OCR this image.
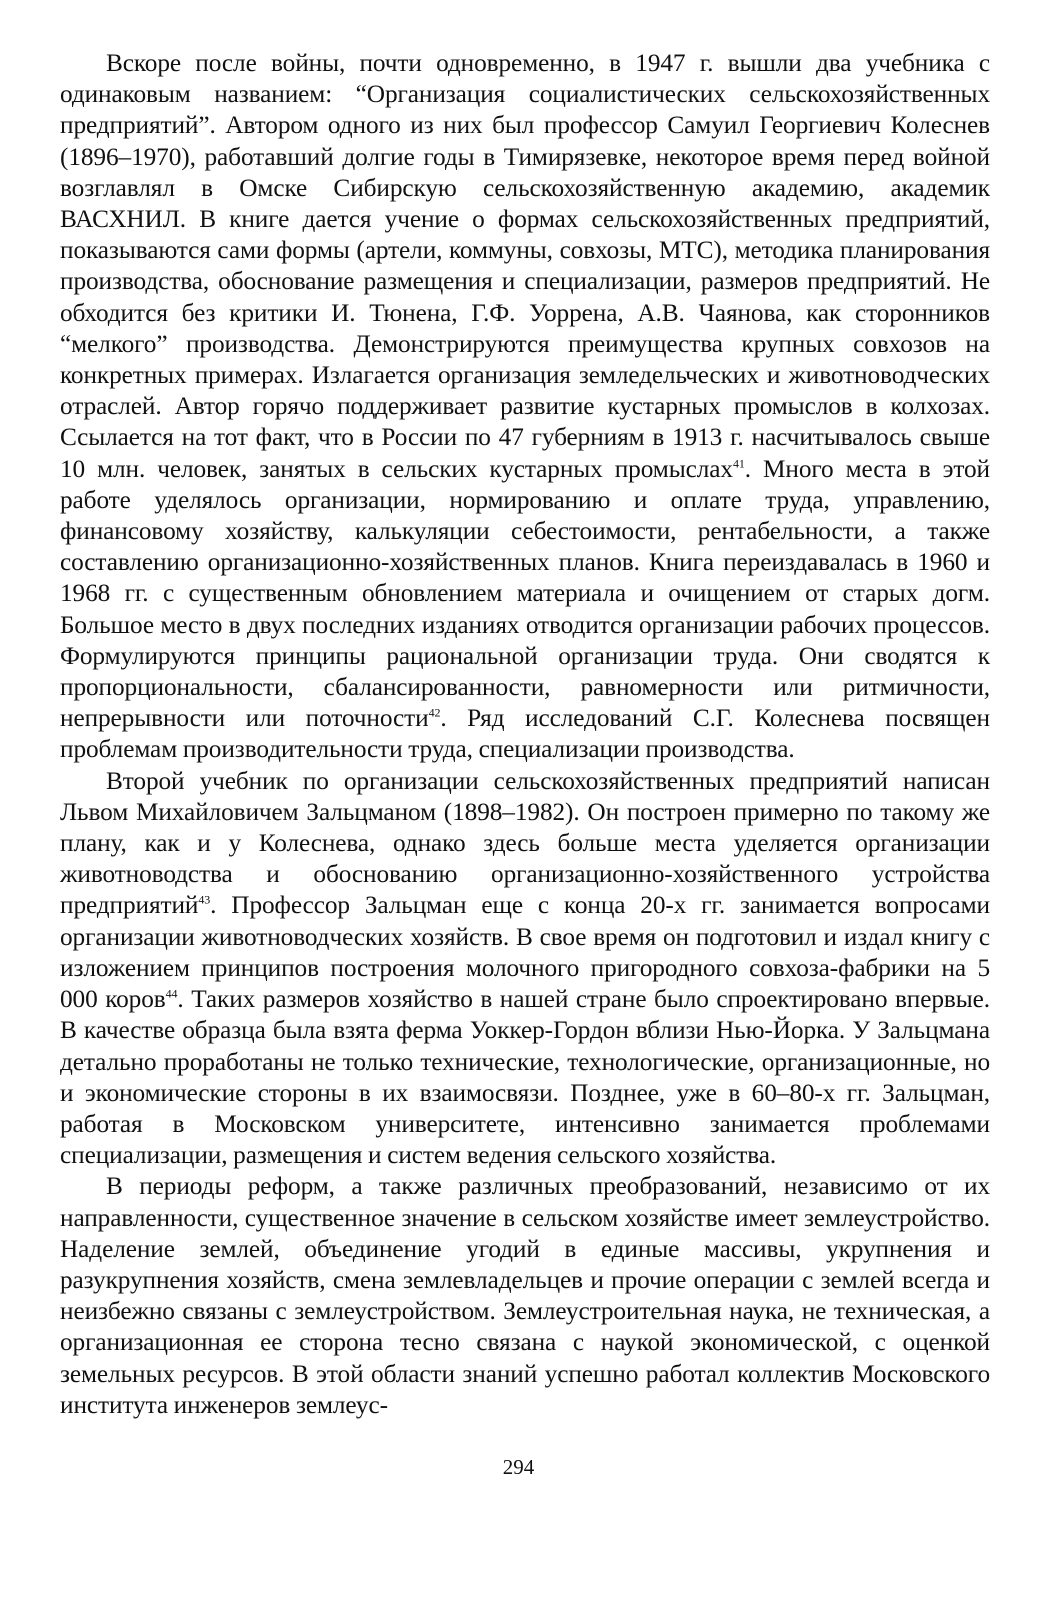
Вскоре после войны, почти одновременно, в 1947 г. вышли два учебника с одинаковым названием: “Организация социалистических сельскохозяйственных предприятий”. Автором одного из них был профессор Самуил Георгиевич Колеснев (1896–1970), работавший долгие годы в Тимирязевке, некоторое время перед войной возглавлял в Омске Сибирскую сельскохозяйственную академию, академик ВАСХНИЛ. В книге дается учение о формах сельскохозяйственных предприятий, показываются сами формы (артели, коммуны, совхозы, МТС), методика планирования производства, обоснование размещения и специализации, размеров предприятий. Не обходится без критики И. Тюнена, Г.Ф. Уоррена, А.В. Чаянова, как сторонников “мелкого” производства. Демонстрируются преимущества крупных совхозов на конкретных примерах. Излагается организация земледельческих и животноводческих отраслей. Автор горячо поддерживает развитие кустарных промыслов в колхозах. Ссылается на тот факт, что в России по 47 губерниям в 1913 г. насчитывалось свыше 10 млн. человек, занятых в сельских кустарных промыслах$^{41}$. Много места в этой работе уделялось организации, нормированию и оплате труда, управлению, финансовому хозяйству, калькуляции себестоимости, рентабельности, а также составлению организационно-хозяйственных планов. Книга переиздавалась в 1960 и 1968 гг. с существенным обновлением материала и очищением от старых догм. Большое место в двух последних изданиях отводится организации рабочих процессов. Формулируются принципы рациональной организации труда. Они сводятся к пропорциональности, сбалансированности, равномерности или ритмичности, непрерывности или поточности$^{42}$. Ряд исследований С.Г. Колеснева посвящен проблемам производительности труда, специализации производства.

Второй учебник по организации сельскохозяйственных предприятий написан Львом Михайловичем Зальцманом (1898–1982). Он построен примерно по такому же плану, как и у Колеснева, однако здесь больше места уделяется организации животноводства и обоснованию организационно-хозяйственного устройства предприятий$^{43}$. Профессор Зальцман еще с конца 20-х гг. занимается вопросами организации животноводческих хозяйств. В свое время он подготовил и издал книгу с изложением принципов построения молочного пригородного совхоза-фабрики на 5 000 коров$^{44}$. Таких размеров хозяйство в нашей стране было спроектировано впервые. В качестве образца была взята ферма Уоккер-Гордон вблизи Нью-Йорка. У Зальцмана детально проработаны не только технические, технологические, организационные, но и экономические стороны в их взаимосвязи. Позднее, уже в 60–80-х гг. Зальцман, работая в Московском университете, интенсивно занимается проблемами специализации, размещения и систем ведения сельского хозяйства.

В периоды реформ, а также различных преобразований, независимо от их направленности, существенное значение в сельском хозяйстве имеет землеустройство. Наделение землей, объединение угодий в единые массивы, укрупнения и разукрупнения хозяйств, смена землевладельцев и прочие операции с землей всегда и неизбежно связаны с землеустройством. Землеустроительная наука, не техническая, а организационная ее сторона тесно связана с наукой экономической, с оценкой земельных ресурсов. В этой области знаний успешно работал коллектив Московского института инженеров землеус-

294
